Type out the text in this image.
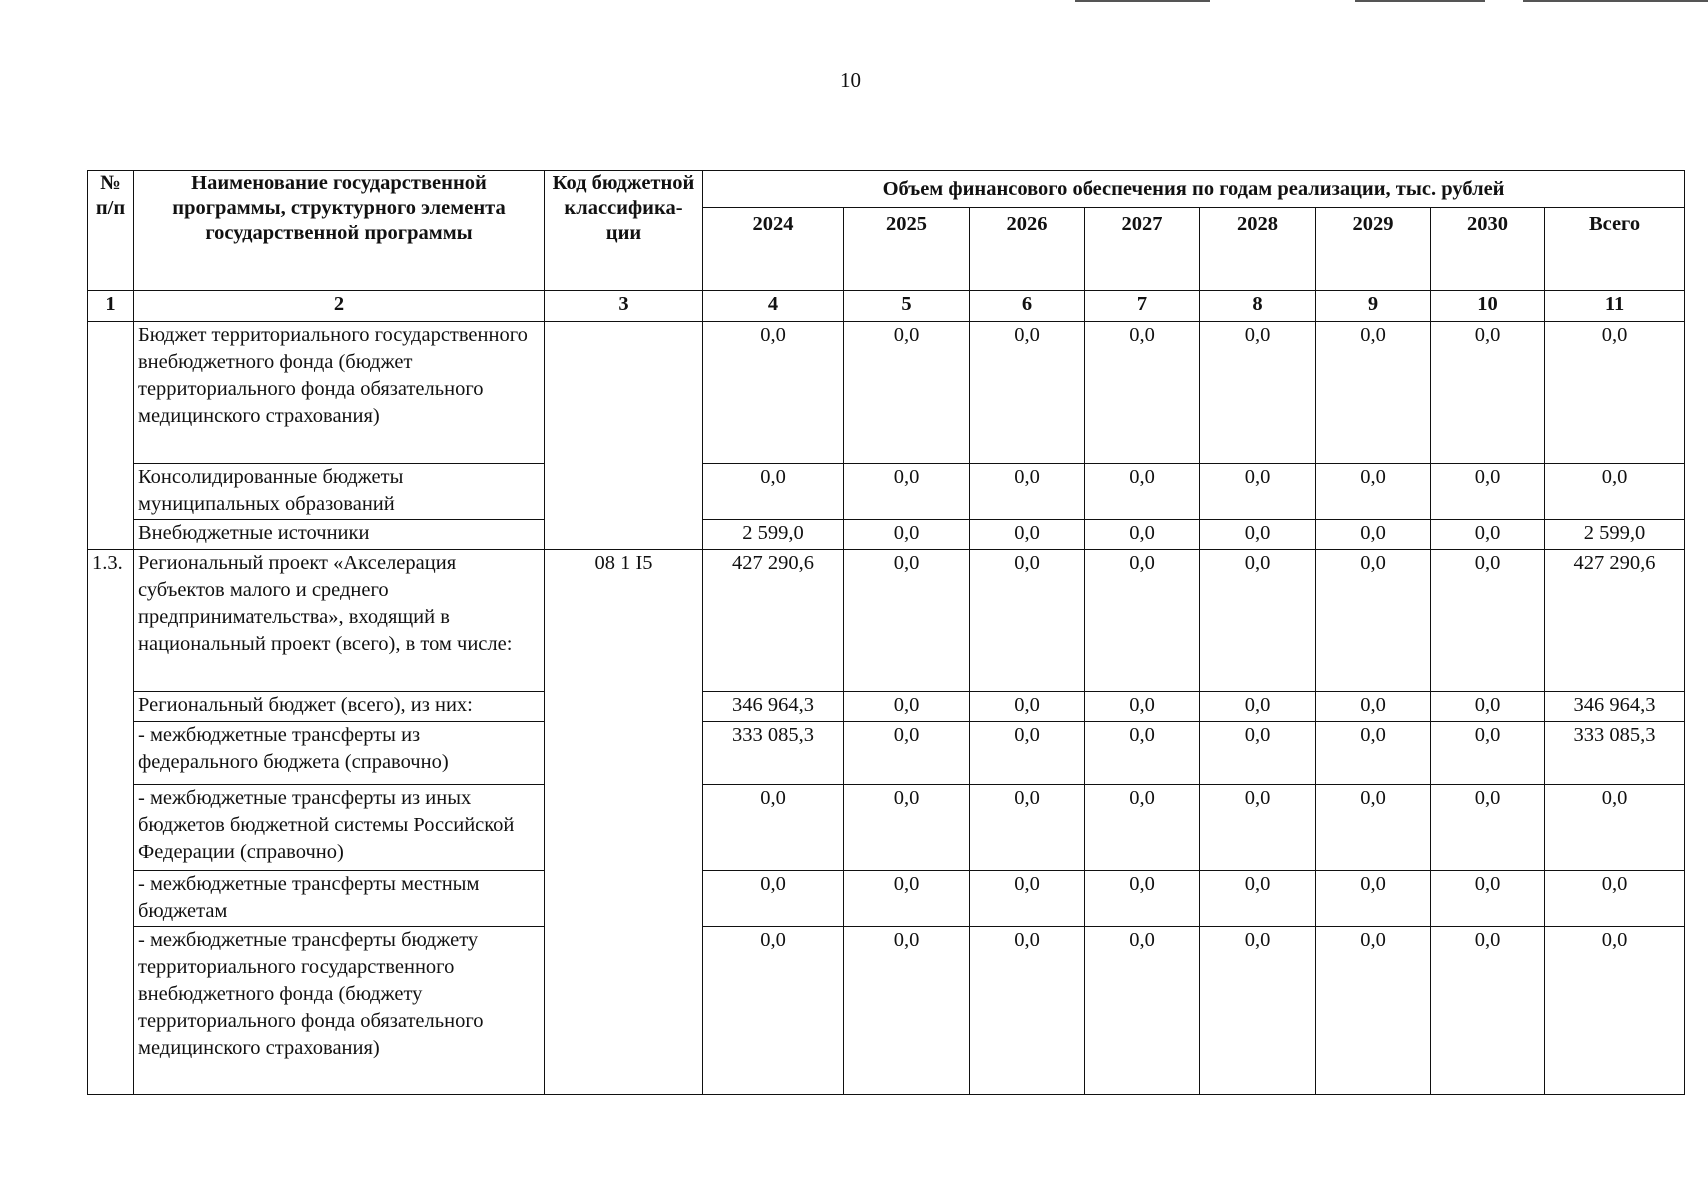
10
№ п/п	Наименование государственной программы, структурного элемента государственной программы	Код бюджетной классифика-ции	Объем финансового обеспечения по годам реализации, тыс. рублей							
			2024	2025	2026	2027	2028	2029	2030	Всего
1	2	3	4	5	6	7	8	9	10	11
	Бюджет территориального государственного внебюджетного фонда (бюджет территориального фонда обязательного медицинского страхования)		0,0	0,0	0,0	0,0	0,0	0,0	0,0	0,0
	Консолидированные бюджеты муниципальных образований		0,0	0,0	0,0	0,0	0,0	0,0	0,0	0,0
	Внебюджетные источники		2 599,0	0,0	0,0	0,0	0,0	0,0	0,0	2 599,0
1.3.	Региональный проект «Акселерация субъектов малого и среднего предпринимательства», входящий в национальный проект (всего), в том числе:	08 1 I5	427 290,6	0,0	0,0	0,0	0,0	0,0	0,0	427 290,6
	Региональный бюджет (всего), из них:		346 964,3	0,0	0,0	0,0	0,0	0,0	0,0	346 964,3
	- межбюджетные трансферты из федерального бюджета (справочно)		333 085,3	0,0	0,0	0,0	0,0	0,0	0,0	333 085,3
	- межбюджетные трансферты из иных бюджетов бюджетной системы Российской Федерации (справочно)		0,0	0,0	0,0	0,0	0,0	0,0	0,0	0,0
	- межбюджетные трансферты местным бюджетам		0,0	0,0	0,0	0,0	0,0	0,0	0,0	0,0
	- межбюджетные трансферты бюджету территориального государственного внебюджетного фонда (бюджету территориального фонда обязательного медицинского страхования)		0,0	0,0	0,0	0,0	0,0	0,0	0,0	0,0
